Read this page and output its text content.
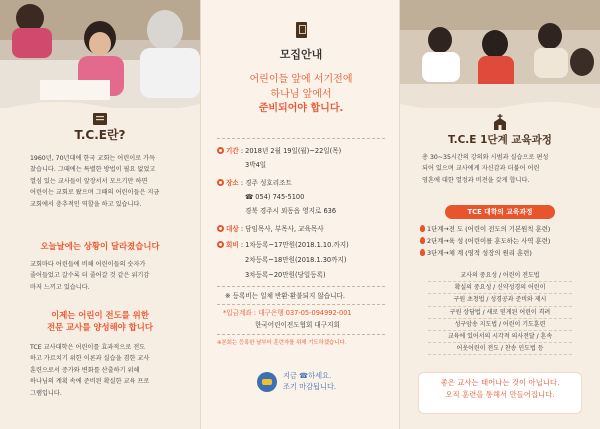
T.C.E란?
1960년, 70년대에 한국 교회는 어린이로 가득
찼습니다. 그때에는 특별한 방법이 필요 없었고
열심 있는 교사들이 앞장서서 모으기만 하면
어린이는 교회로 왔으며 그때의 어린이들은 지금
교회에서 충추적인 역할을 하고 있습니다.
오늘날에는 상황이 달라졌습니다
교회마다 어린들에 비해 어린이들의 숫자가
줄어들었고 갈수록 더 줄어갈 것 같은 위기감
마저 느끼고 있습니다.
이제는 어린이 전도를 위한
전문 교사를 양성해야 합니다
TCE 교사대학은 어린이를 효과적으로 전도
하고 가르치기 위한 이론과 실습을 겸한 교사
훈련으로서 증가와 변화를 산출하기 위해
하나님의 계획 속에 준비된 확실한 교육 프로
그램입니다.
모집안내
어린이들 앞에 서기전에
하나님 앞에서
준비되어야 합니다.
기간 : 2018년 2월 19일(월)~22일(목)
3박4일
장소 : 경주 성호리조트
☎ 054) 745-5100
경북 경주시 외동읍 영지로 636
대상 : 담임목사, 부목사, 교육목사
회비 : 1차등록~17만원(2018.1.10.까지)
2차등록~18만원(2018.1.30까지)
3차등록~20만원(당일등록)
※ 등록비는 일체 반환·환불되지 않습니다.
*입금계좌 : 대구은행 037-05-094992-001
한국어린이전도협회 대구지회
※본회는 등록한 날부터 훈련자를 위해 기도하겠습니다.
지금 ☎하세요.
조기 마감됩니다.
T.C.E 1단계 교육과정
총 30~35시간의 강의와 시범과 실습으로 편성
되어 있으며 교사에게 자신감과 더불어 어린
영혼에 대한 열정과 비전을 갖게 합니다.
TCE 대학의 교육과정
1단계→전 도 (어린이 전도의 기본원칙 훈련)
2단계→육 성 (어린이를 훈도하는 사역 훈련)
3단계→체 계 (영적 성장의 원리 훈련)
교사의 중요성 / 어린이 전도법
확실의 중요성 / 신약성경의 어린이
구원 초청법 / 성경공과 준비와 제시
구원 상담법 / 새로 믿게된 어린이 격려
성구암송 지도법 / 어린이 기도훈련
교육에 있어서의 시각적 의사전달 / 혼속
어웃어린이 전도 / 찬송 인도법 등
좋은 교사는 태어나는 것이 아닙니다.
오직 훈련을 통해서 만들어집니다.
